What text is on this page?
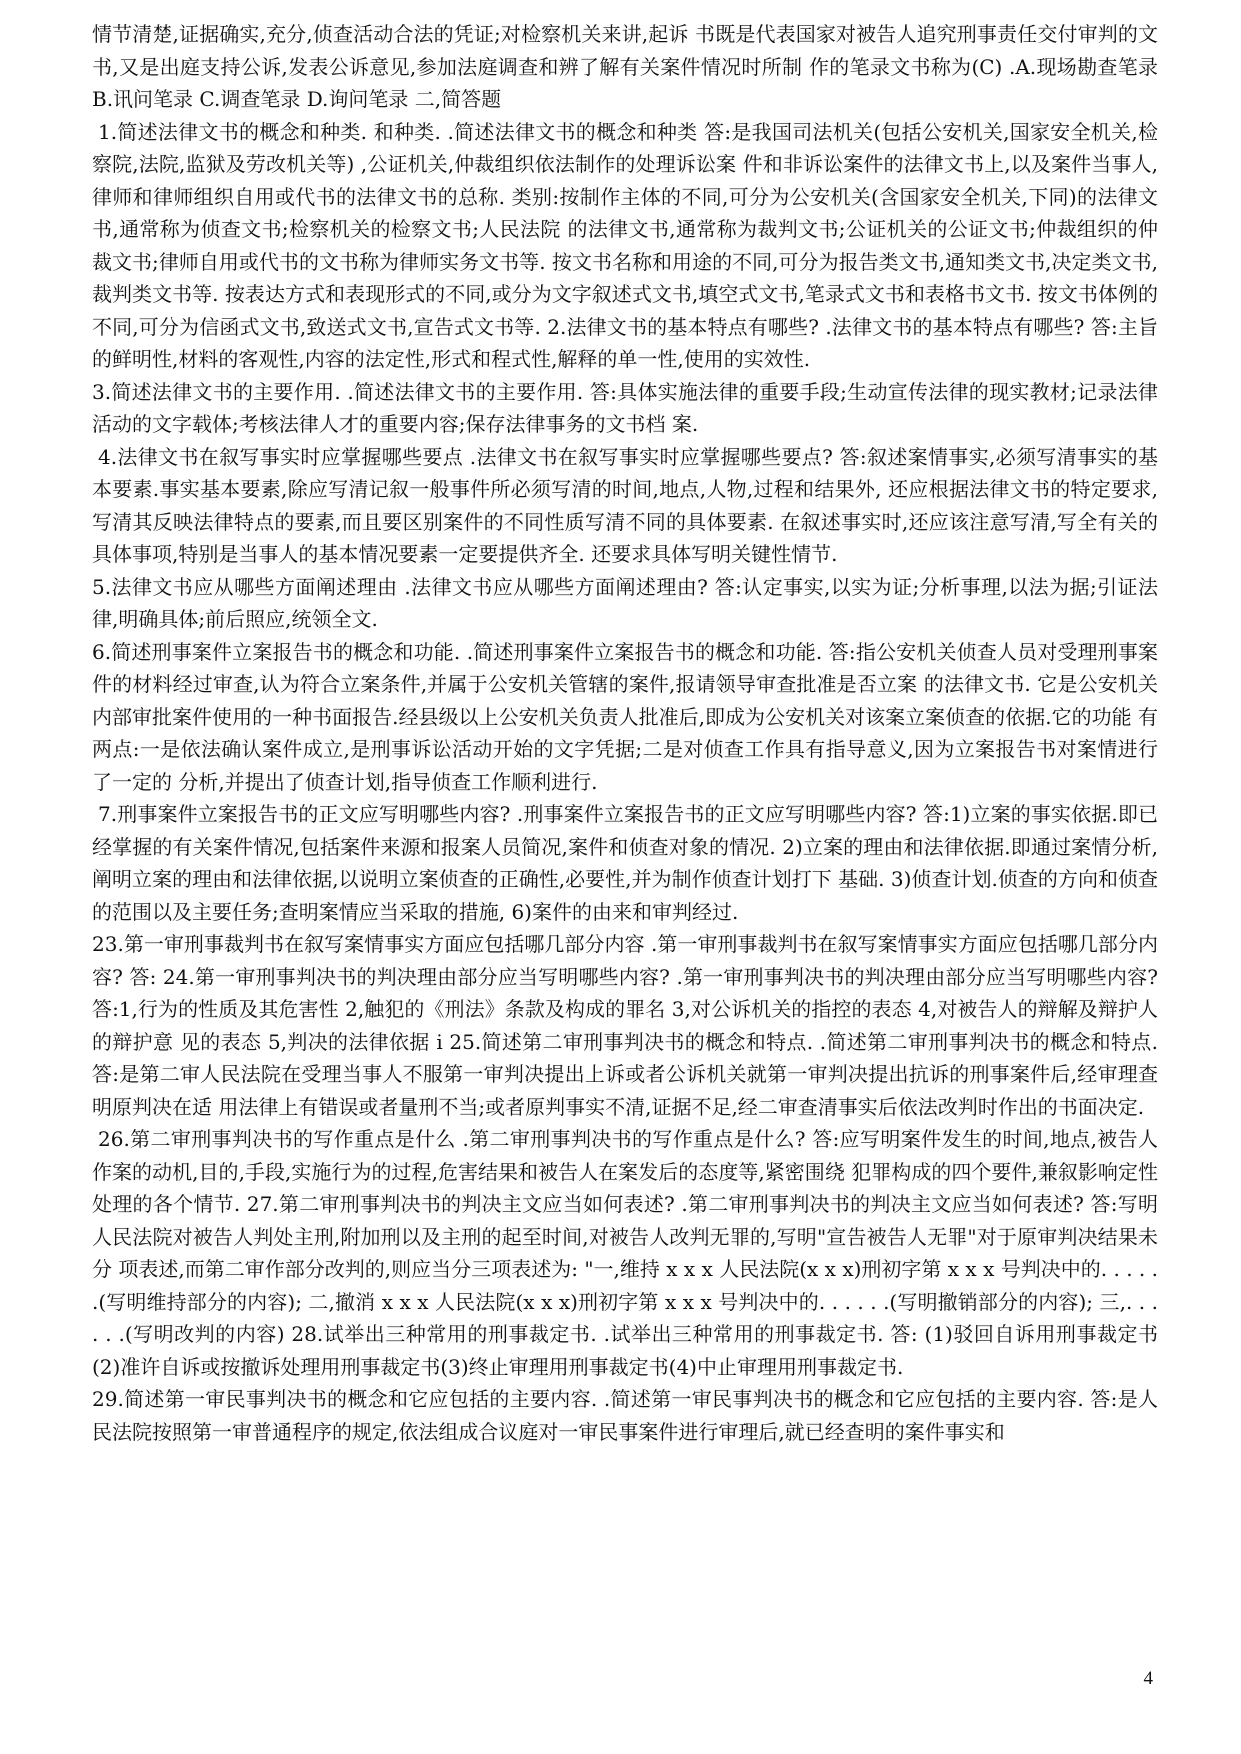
情节清楚,证据确实,充分,侦查活动合法的凭证;对检察机关来讲,起诉 书既是代表国家对被告人追究刑事责任交付审判的文书,又是出庭支持公诉,发表公诉意见,参加法庭调查和辨了解有关案件情况时所制 作的笔录文书称为(C) .A.现场勘查笔录 B.讯问笔录 C.调查笔录 D.询问笔录 二,简答题

1.简述法律文书的概念和种类. 和种类. .简述法律文书的概念和种类 答:是我国司法机关(包括公安机关,国家安全机关,检察院,法院,监狱及劳改机关等) ,公证机关,仲裁组织依法制作的处理诉讼案 件和非诉讼案件的法律文书上,以及案件当事人,律师和律师组织自用或代书的法律文书的总称. 类别:按制作主体的不同,可分为公安机关(含国家安全机关,下同)的法律文书,通常称为侦查文书;检察机关的检察文书;人民法院 的法律文书,通常称为裁判文书;公证机关的公证文书;仲裁组织的仲裁文书;律师自用或代书的文书称为律师实务文书等. 按文书名称和用途的不同,可分为报告类文书,通知类文书,决定类文书,裁判类文书等. 按表达方式和表现形式的不同,或分为文字叙述式文书,填空式文书,笔录式文书和表格书文书. 按文书体例的不同,可分为信函式文书,致送式文书,宣告式文书等. 2.法律文书的基本特点有哪些? .法律文书的基本特点有哪些? 答:主旨的鲜明性,材料的客观性,内容的法定性,形式和程式性,解释的单一性,使用的实效性.

3.简述法律文书的主要作用. .简述法律文书的主要作用. 答:具体实施法律的重要手段;生动宣传法律的现实教材;记录法律活动的文字载体;考核法律人才的重要内容;保存法律事务的文书档 案.

4.法律文书在叙写事实时应掌握哪些要点 .法律文书在叙写事实时应掌握哪些要点? 答:叙述案情事实,必须写清事实的基本要素.事实基本要素,除应写清记叙一般事件所必须写清的时间,地点,人物,过程和结果外, 还应根据法律文书的特定要求,写清其反映法律特点的要素,而且要区别案件的不同性质写清不同的具体要素. 在叙述事实时,还应该注意写清,写全有关的具体事项,特别是当事人的基本情况要素一定要提供齐全. 还要求具体写明关键性情节.

5.法律文书应从哪些方面阐述理由 .法律文书应从哪些方面阐述理由? 答:认定事实,以实为证;分析事理,以法为据;引证法律,明确具体;前后照应,统领全文.

6.简述刑事案件立案报告书的概念和功能. .简述刑事案件立案报告书的概念和功能. 答:指公安机关侦查人员对受理刑事案件的材料经过审查,认为符合立案条件,并属于公安机关管辖的案件,报请领导审查批准是否立案 的法律文书. 它是公安机关内部审批案件使用的一种书面报告.经县级以上公安机关负责人批准后,即成为公安机关对该案立案侦查的依据.它的功能 有两点:一是依法确认案件成立,是刑事诉讼活动开始的文字凭据;二是对侦查工作具有指导意义,因为立案报告书对案情进行了一定的 分析,并提出了侦查计划,指导侦查工作顺利进行.

7.刑事案件立案报告书的正文应写明哪些内容? .刑事案件立案报告书的正文应写明哪些内容? 答:1)立案的事实依据.即已经掌握的有关案件情况,包括案件来源和报案人员简况,案件和侦查对象的情况. 2)立案的理由和法律依据.即通过案情分析,阐明立案的理由和法律依据,以说明立案侦查的正确性,必要性,并为制作侦查计划打下 基础. 3)侦查计划.侦查的方向和侦查的范围以及主要任务;查明案情应当采取的措施, 6)案件的由来和审判经过.

23.第一审刑事裁判书在叙写案情事实方面应包括哪几部分内容 .第一审刑事裁判书在叙写案情事实方面应包括哪几部分内容? 答: 24.第一审刑事判决书的判决理由部分应当写明哪些内容? .第一审刑事判决书的判决理由部分应当写明哪些内容? 答:1,行为的性质及其危害性 2,触犯的《刑法》条款及构成的罪名 3,对公诉机关的指控的表态 4,对被告人的辩解及辩护人的辩护意 见的表态 5,判决的法律依据 i 25.简述第二审刑事判决书的概念和特点. .简述第二审刑事判决书的概念和特点. 答:是第二审人民法院在受理当事人不服第一审判决提出上诉或者公诉机关就第一审判决提出抗诉的刑事案件后,经审理查明原判决在适 用法律上有错误或者量刑不当;或者原判事实不清,证据不足,经二审查清事实后依法改判时作出的书面决定.

26.第二审刑事判决书的写作重点是什么 .第二审刑事判决书的写作重点是什么? 答:应写明案件发生的时间,地点,被告人作案的动机,目的,手段,实施行为的过程,危害结果和被告人在案发后的态度等,紧密围绕 犯罪构成的四个要件,兼叙影响定性处理的各个情节. 27.第二审刑事判决书的判决主文应当如何表述? .第二审刑事判决书的判决主文应当如何表述? 答:写明人民法院对被告人判处主刑,附加刑以及主刑的起至时间,对被告人改判无罪的,写明"宣告被告人无罪"对于原审判决结果未分 项表述,而第二审作部分改判的,则应当分三项表述为: "一,维持 x x x 人民法院(x x x)刑初字第 x x x 号判决中的. . . . . .(写明维持部分的内容); 二,撤消 x x x 人民法院(x x x)刑初字第 x x x 号判决中的. . . . . .(写明撤销部分的内容); 三,. . . . . .(写明改判的内容) 28.试举出三种常用的刑事裁定书. .试举出三种常用的刑事裁定书. 答: (1)驳回自诉用刑事裁定书(2)准许自诉或按撤诉处理用刑事裁定书(3)终止审理用刑事裁定书(4)中止审理用刑事裁定书.

29.简述第一审民事判决书的概念和它应包括的主要内容. .简述第一审民事判决书的概念和它应包括的主要内容. 答:是人民法院按照第一审普通程序的规定,依法组成合议庭对一审民事案件进行审理后,就已经查明的案件事实和

4
